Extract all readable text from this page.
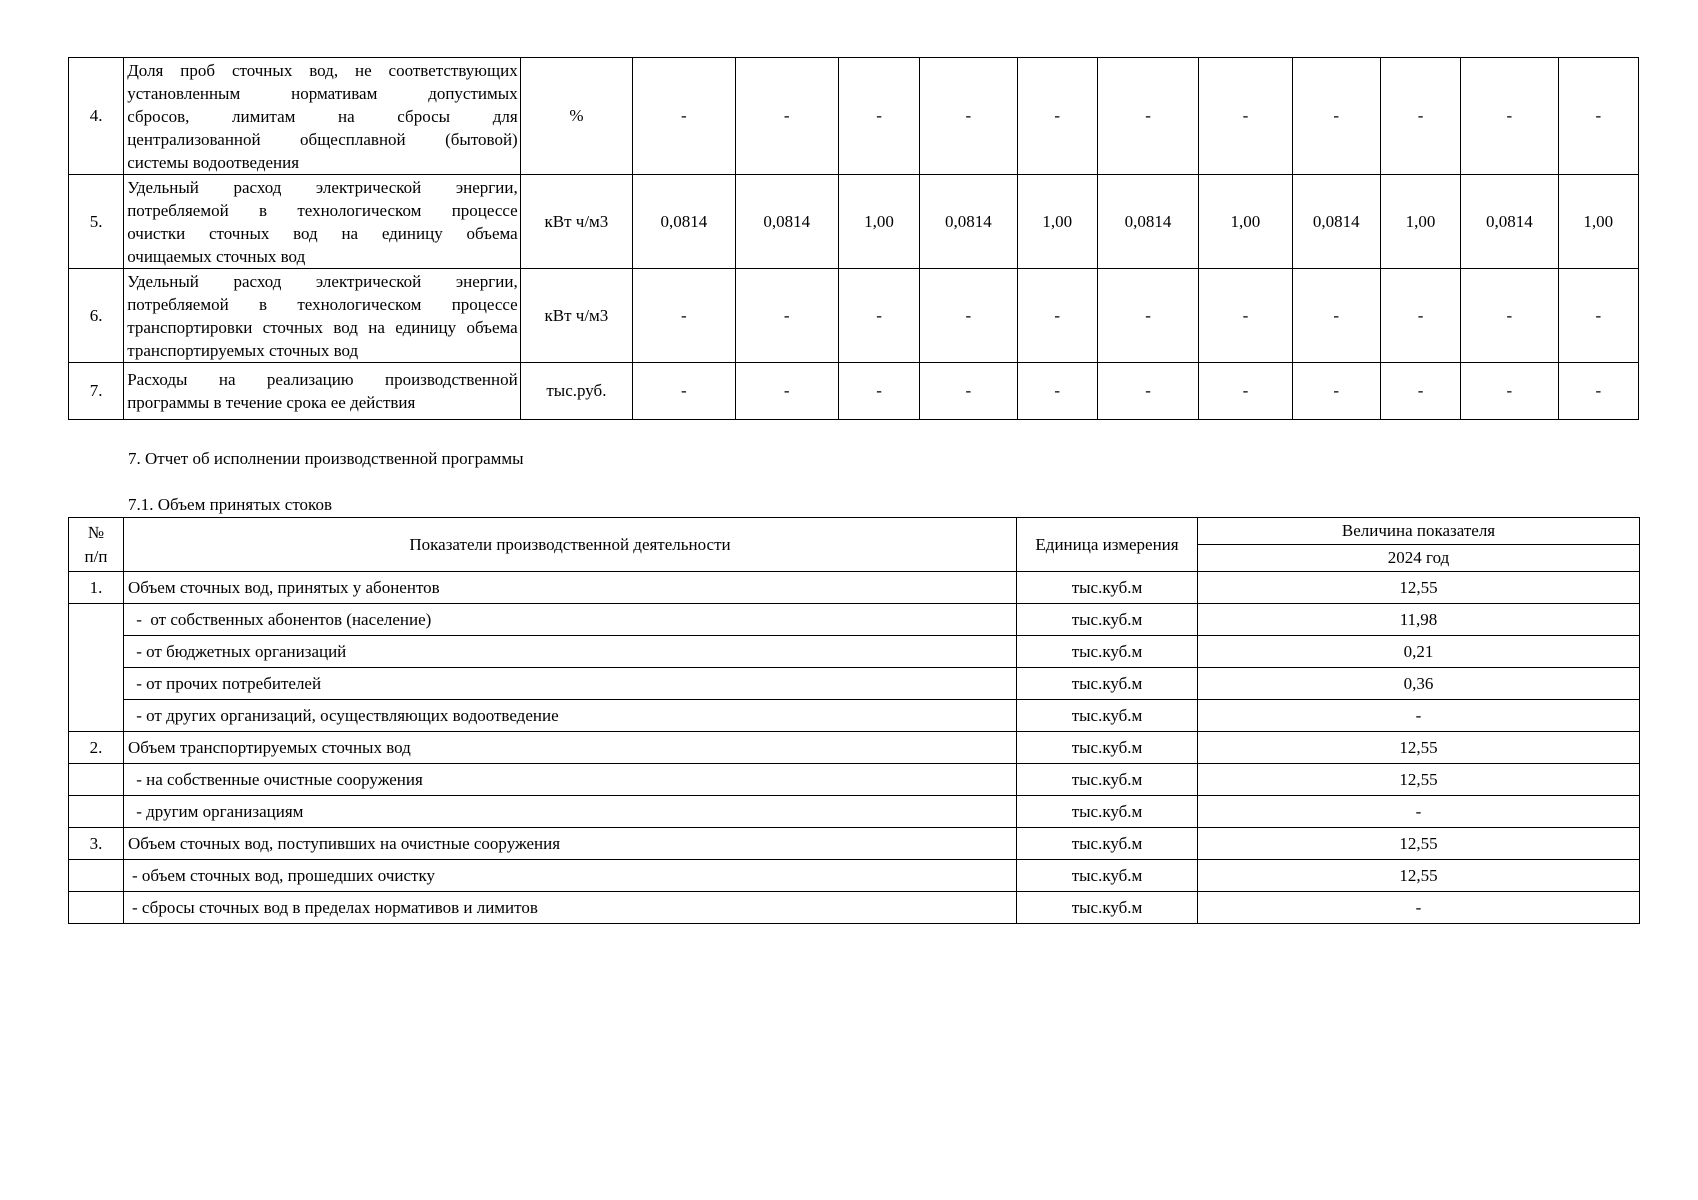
4.	Доля проб сточных вод, не соответствующих
установленным нормативам допустимых
сбросов, лимитам на сбросы для
централизованной общесплавной (бытовой)
системы водоотведения	%	-	-	-	-	-	-	-	-	-	-	-
5.	Удельный расход электрической энергии,
потребляемой в технологическом процессе
очистки сточных вод на единицу объема
очищаемых сточных вод	кВт ч/м3	0,0814	0,0814	1,00	0,0814	1,00	0,0814	1,00	0,0814	1,00	0,0814	1,00
6.	Удельный расход электрической энергии,
потребляемой в технологическом процессе
транспортировки сточных вод на единицу объема
транспортируемых сточных вод	кВт ч/м3	-	-	-	-	-	-	-	-	-	-	-
7.	Расходы на реализацию производственной
программы в течение срока ее действия	тыс.руб.	-	-	-	-	-	-	-	-	-	-	-
7. Отчет об исполнении производственной программы
7.1. Объем принятых стоков
№
п/п	Показатели производственной деятельности	Единица измерения	Величина показателя
			2024 год
1.	Объем сточных вод, принятых у абонентов	тыс.куб.м	12,55
	-  от собственных абонентов (население)	тыс.куб.м	11,98
	- от бюджетных организаций	тыс.куб.м	0,21
	- от прочих потребителей	тыс.куб.м	0,36
	- от других организаций, осуществляющих водоотведение	тыс.куб.м	-
2.	Объем транспортируемых сточных вод	тыс.куб.м	12,55
	- на собственные очистные сооружения	тыс.куб.м	12,55
	- другим организациям	тыс.куб.м	-
3.	Объем сточных вод, поступивших на очистные сооружения	тыс.куб.м	12,55
	- объем сточных вод, прошедших очистку	тыс.куб.м	12,55
	- сбросы сточных вод в пределах нормативов и лимитов	тыс.куб.м	-
